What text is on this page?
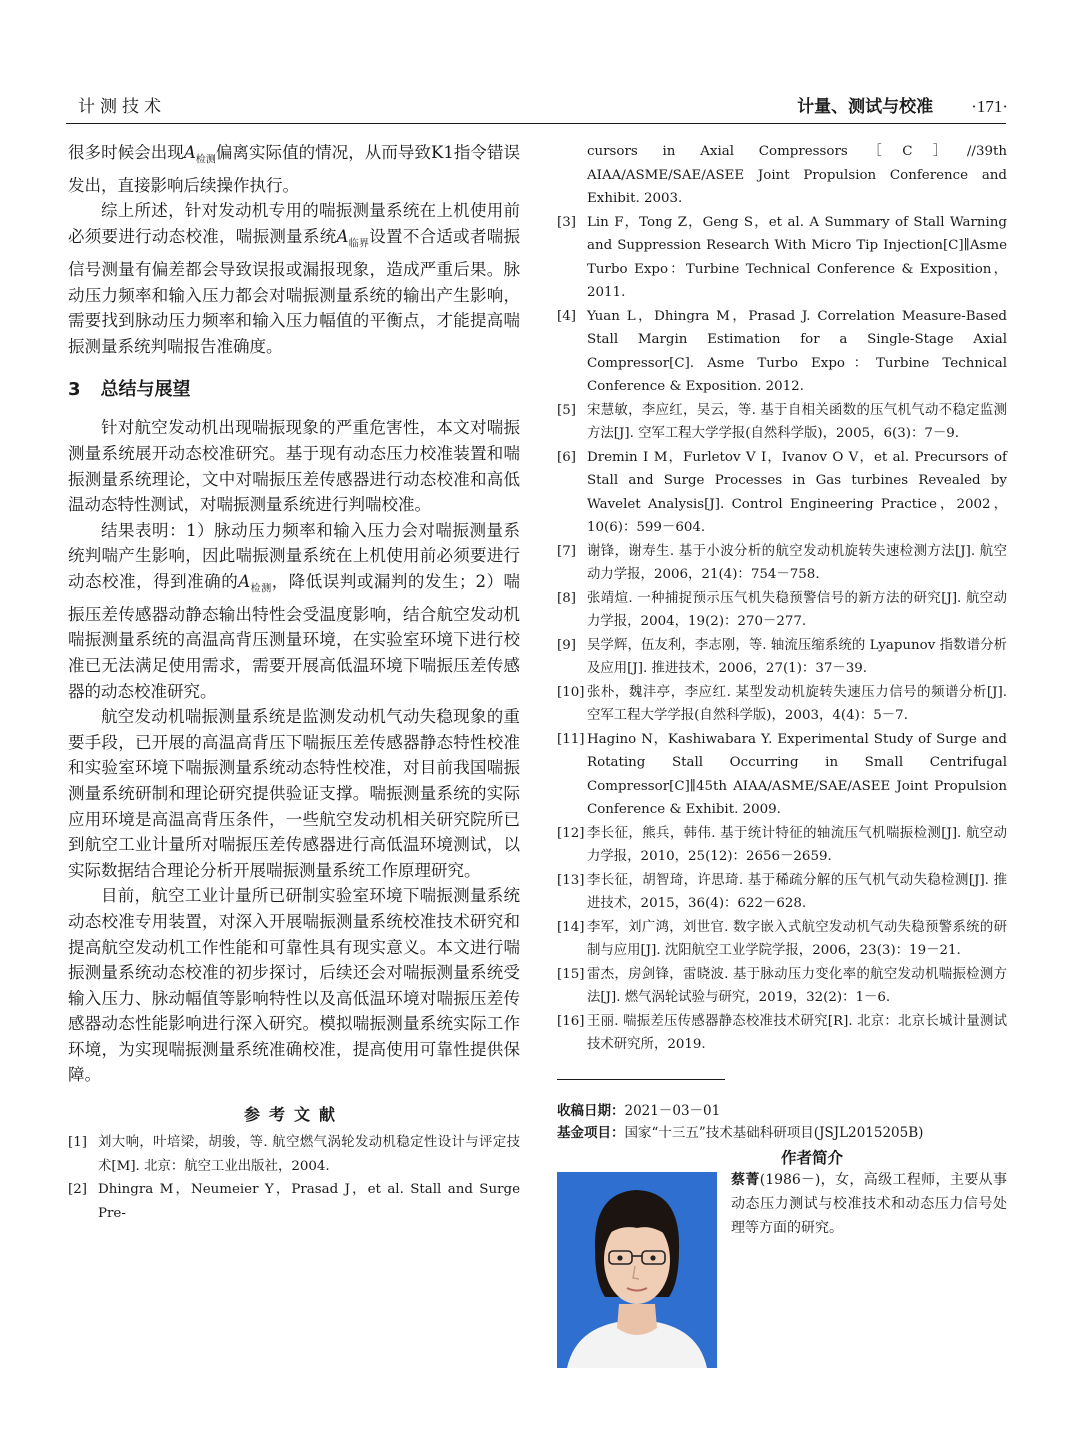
计测技术	计量、测试与校准 ·171·

很多时候会出现$A_{检测}$偏离实际值的情况，从而导致K1指令错误发出，直接影响后续操作执行。

综上所述，针对发动机专用的喘振测量系统在上机使用前必须要进行动态校准，喘振测量系统$A_{临界}$设置不合适或者喘振信号测量有偏差都会导致误报或漏报现象，造成严重后果。脉动压力频率和输入压力都会对喘振测量系统的输出产生影响，需要找到脉动压力频率和输入压力幅值的平衡点，才能提高喘振测量系统判喘报告准确度。

3 总结与展望

针对航空发动机出现喘振现象的严重危害性，本文对喘振测量系统展开动态校准研究。基于现有动态压力校准装置和喘振测量系统理论，文中对喘振压差传感器进行动态校准和高低温动态特性测试，对喘振测量系统进行判喘校准。

结果表明：1）脉动压力频率和输入压力会对喘振测量系统判喘产生影响，因此喘振测量系统在上机使用前必须要进行动态校准，得到准确的$A_{检测}$，降低误判或漏判的发生；2）喘振压差传感器动静态输出特性会受温度影响，结合航空发动机喘振测量系统的高温高背压测量环境，在实验室环境下进行校准已无法满足使用需求，需要开展高低温环境下喘振压差传感器的动态校准研究。

航空发动机喘振测量系统是监测发动机气动失稳现象的重要手段，已开展的高温高背压下喘振压差传感器静态特性校准和实验室环境下喘振测量系统动态特性校准，对目前我国喘振测量系统研制和理论研究提供验证支撑。喘振测量系统的实际应用环境是高温高背压条件，一些航空发动机相关研究院所已到航空工业计量所对喘振压差传感器进行高低温环境测试，以实际数据结合理论分析开展喘振测量系统工作原理研究。

目前，航空工业计量所已研制实验室环境下喘振测量系统动态校准专用装置，对深入开展喘振测量系统校准技术研究和提高航空发动机工作性能和可靠性具有现实意义。本文进行喘振测量系统动态校准的初步探讨，后续还会对喘振测量系统受输入压力、脉动幅值等影响特性以及高低温环境对喘振压差传感器动态性能影响进行深入研究。模拟喘振测量系统实际工作环境，为实现喘振测量系统准确校准，提高使用可靠性提供保障。

参考文献
[1] 刘大响，叶培梁，胡骏，等. 航空燃气涡轮发动机稳定性设计与评定技术[M]. 北京：航空工业出版社，2004.
[2] Dhingra M，Neumeier Y，Prasad J，et al. Stall and Surge Pre-
cursors in Axial Compressors［C］//39th AIAA/ASME/SAE/ASEE Joint Propulsion Conference and Exhibit. 2003.
[3] Lin F，Tong Z，Geng S，et al. A Summary of Stall Warning and Suppression Research With Micro Tip Injection[C]∥Asme Turbo Expo：Turbine Technical Conference & Exposition，2011.
[4] Yuan L，Dhingra M，Prasad J. Correlation Measure-Based Stall Margin Estimation for a Single-Stage Axial Compressor[C]. Asme Turbo Expo：Turbine Technical Conference & Exposition. 2012.
[5] 宋慧敏，李应红，吴云，等. 基于自相关函数的压气机气动不稳定监测方法[J]. 空军工程大学学报(自然科学版)，2005，6(3)：7－9.
[6] Dremin I M，Furletov V I，Ivanov O V，et al. Precursors of Stall and Surge Processes in Gas turbines Revealed by Wavelet Analysis[J]. Control Engineering Practice，2002，10(6)：599－604.
[7] 谢锋，谢寿生. 基于小波分析的航空发动机旋转失速检测方法[J]. 航空动力学报，2006，21(4)：754－758.
[8] 张靖煊. 一种捕捉预示压气机失稳预警信号的新方法的研究[J]. 航空动力学报，2004，19(2)：270－277.
[9] 吴学辉，伍友利，李志刚，等. 轴流压缩系统的 Lyapunov 指数谱分析及应用[J]. 推进技术，2006，27(1)：37－39.
[10] 张朴，魏沣亭，李应红. 某型发动机旋转失速压力信号的频谱分析[J]. 空军工程大学学报(自然科学版)，2003，4(4)：5－7.
[11] Hagino N，Kashiwabara Y. Experimental Study of Surge and Rotating Stall Occurring in Small Centrifugal Compressor[C]∥45th AIAA/ASME/SAE/ASEE Joint Propulsion Conference & Exhibit. 2009.
[12] 李长征，熊兵，韩伟. 基于统计特征的轴流压气机喘振检测[J]. 航空动力学报，2010，25(12)：2656－2659.
[13] 李长征，胡智琦，许思琦. 基于稀疏分解的压气机气动失稳检测[J]. 推进技术，2015，36(4)：622－628.
[14] 李军，刘广鸿，刘世官. 数字嵌入式航空发动机气动失稳预警系统的研制与应用[J]. 沈阳航空工业学院学报，2006，23(3)：19－21.
[15] 雷杰，房剑锋，雷晓波. 基于脉动压力变化率的航空发动机喘振检测方法[J]. 燃气涡轮试验与研究，2019，32(2)：1－6.
[16] 王丽. 喘振差压传感器静态校准技术研究[R]. 北京：北京长城计量测试技术研究所，2019.
收稿日期：2021－03－01
基金项目：国家“十三五”技术基础科研项目(JSJL2015205B)
作者简介
蔡菁(1986－)，女，高级工程师，主要从事动态压力测试与校准技术和动态压力信号处理等方面的研究。
